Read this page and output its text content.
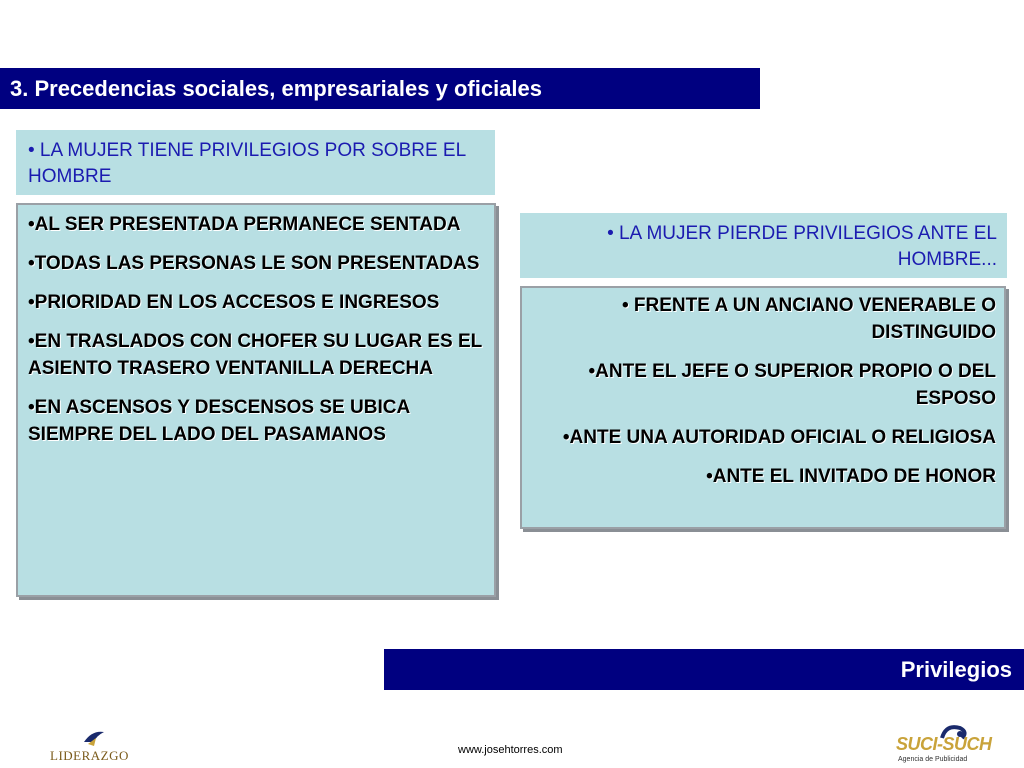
3. Precedencias sociales, empresariales y oficiales
• LA MUJER TIENE PRIVILEGIOS POR SOBRE EL HOMBRE

•AL SER PRESENTADA PERMANECE SENTADA

•TODAS LAS PERSONAS LE SON PRESENTADAS

•PRIORIDAD EN LOS ACCESOS E INGRESOS

•EN TRASLADOS CON CHOFER SU LUGAR ES EL ASIENTO TRASERO VENTANILLA DERECHA

•EN ASCENSOS Y DESCENSOS SE UBICA SIEMPRE DEL LADO DEL PASAMANOS

• LA MUJER PIERDE PRIVILEGIOS ANTE EL HOMBRE...

• FRENTE A UN ANCIANO VENERABLE O DISTINGUIDO

•ANTE EL JEFE O SUPERIOR PROPIO O DEL ESPOSO

•ANTE UNA AUTORIDAD OFICIAL O RELIGIOSA

•ANTE EL INVITADO DE HONOR

Privilegios
LIDERAZGO	www.josehtorres.com	SUCI-SUCH
Agencia de Publicidad
